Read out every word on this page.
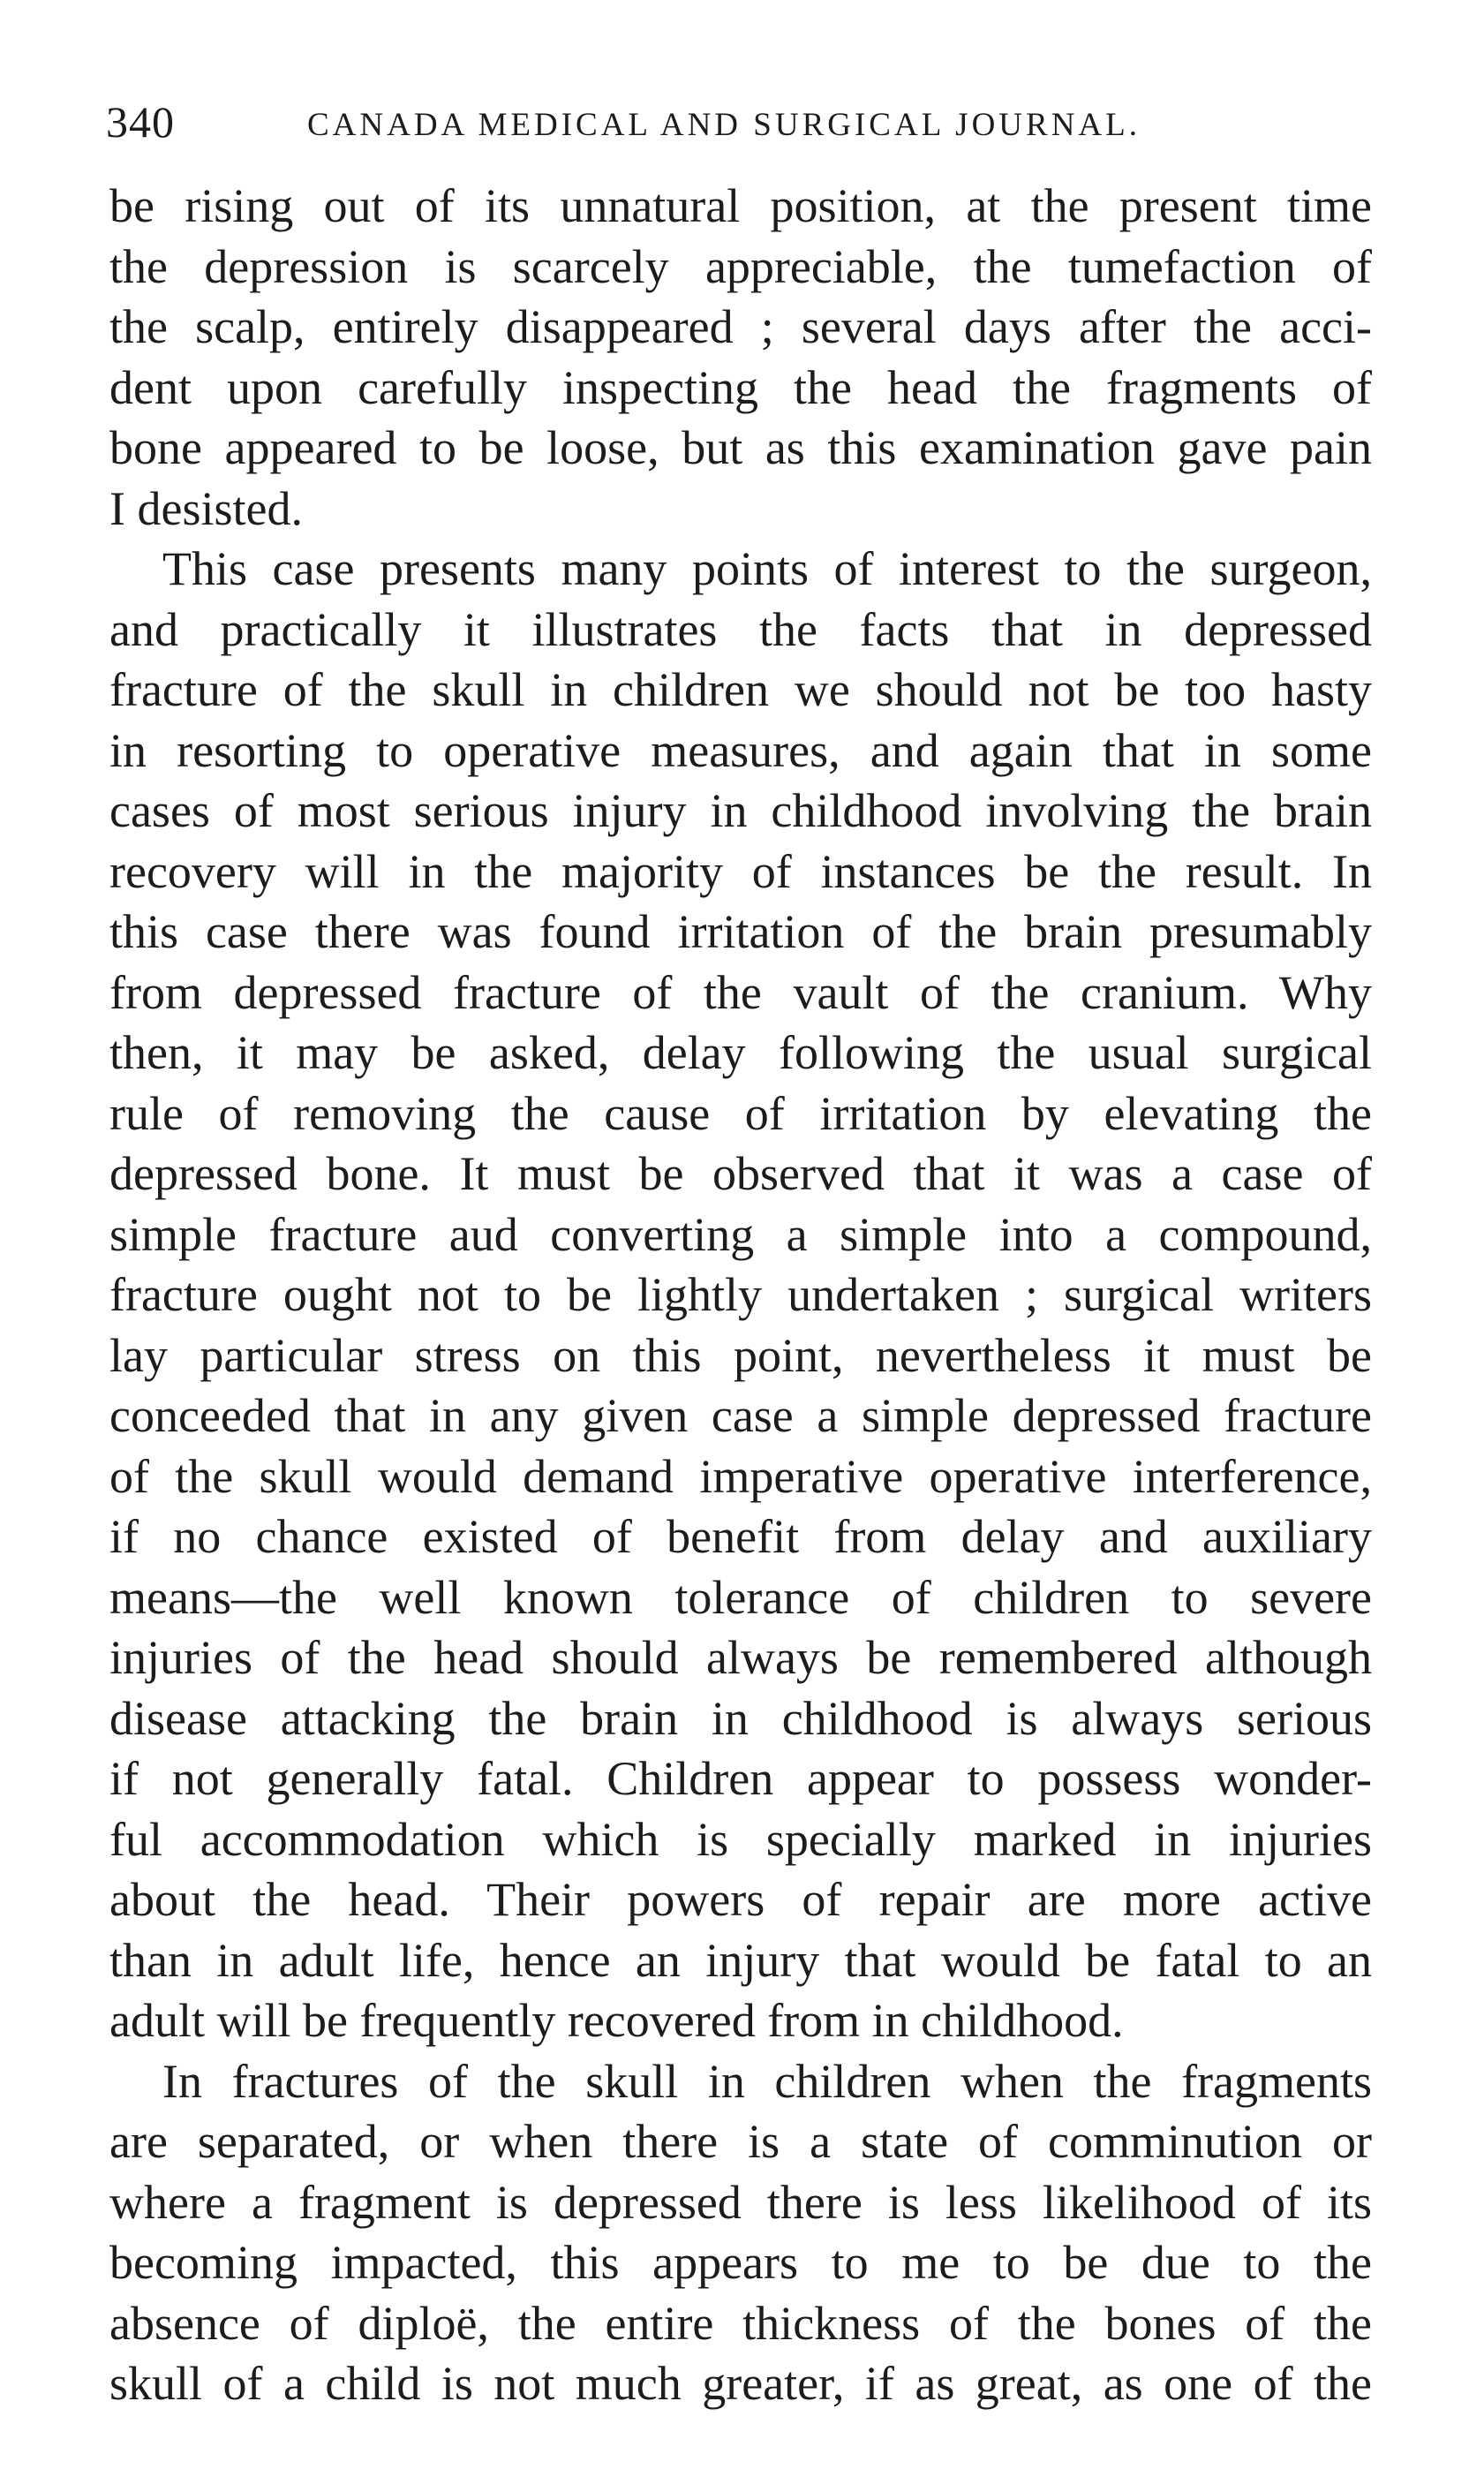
340	CANADA MEDICAL AND SURGICAL JOURNAL.
be rising out of its unnatural position, at the present time
the depression is scarcely appreciable, the tumefaction of
the scalp, entirely disappeared ; several days after the acci-
dent upon carefully inspecting the head the fragments of
bone appeared to be loose, but as this examination gave pain
I desisted.
This case presents many points of interest to the surgeon,
and practically it illustrates the facts that in depressed
fracture of the skull in children we should not be too hasty
in resorting to operative measures, and again that in some
cases of most serious injury in childhood involving the brain
recovery will in the majority of instances be the result. In
this case there was found irritation of the brain presumably
from depressed fracture of the vault of the cranium. Why
then, it may be asked, delay following the usual surgical
rule of removing the cause of irritation by elevating the
depressed bone. It must be observed that it was a case of
simple fracture aud converting a simple into a compound,
fracture ought not to be lightly undertaken ; surgical writers
lay particular stress on this point, nevertheless it must be
conceeded that in any given case a simple depressed fracture
of the skull would demand imperative operative interference,
if no chance existed of benefit from delay and auxiliary
means—the well known tolerance of children to severe
injuries of the head should always be remembered although
disease attacking the brain in childhood is always serious
if not generally fatal. Children appear to possess wonder-
ful accommodation which is specially marked in injuries
about the head. Their powers of repair are more active
than in adult life, hence an injury that would be fatal to an
adult will be frequently recovered from in childhood.
In fractures of the skull in children when the fragments
are separated, or when there is a state of comminution or
where a fragment is depressed there is less likelihood of its
becoming impacted, this appears to me to be due to the
absence of diploë, the entire thickness of the bones of the
skull of a child is not much greater, if as great, as one of the
